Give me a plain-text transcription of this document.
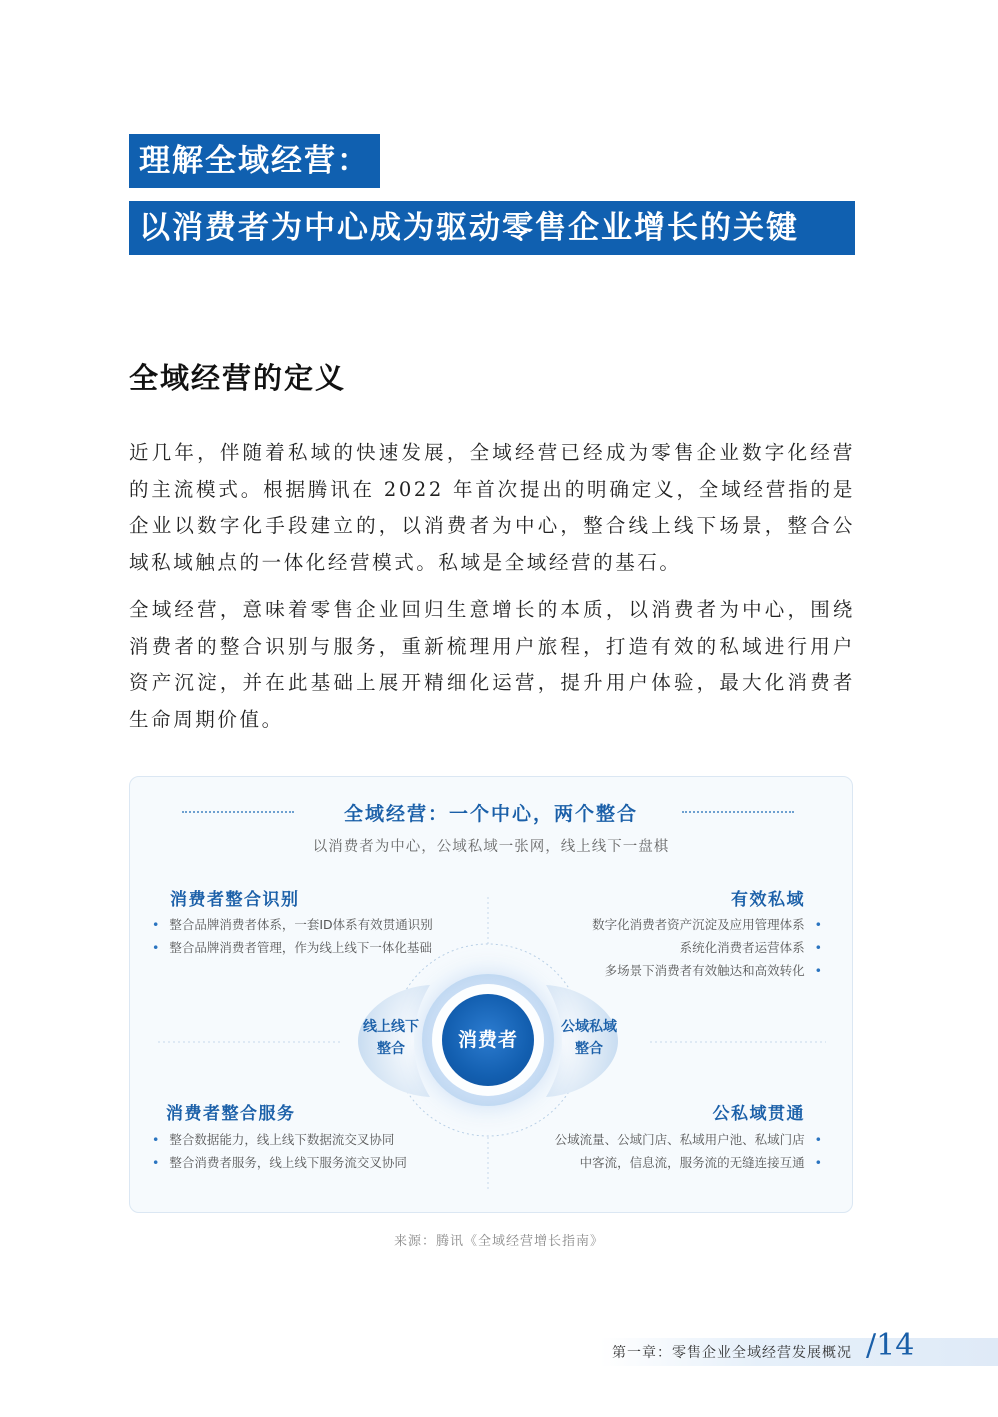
理解全域经营：
以消费者为中心成为驱动零售企业增长的关键
全域经营的定义

近几年，伴随着私域的快速发展，全域经营已经成为零售企业数字化经营的主流模式。根据腾讯在 2022 年首次提出的明确定义，全域经营指的是企业以数字化手段建立的，以消费者为中心，整合线上线下场景，整合公域私域触点的一体化经营模式。私域是全域经营的基石。

全域经营，意味着零售企业回归生意增长的本质，以消费者为中心，围绕消费者的整合识别与服务，重新梳理用户旅程，打造有效的私域进行用户资产沉淀，并在此基础上展开精细化运营，提升用户体验，最大化消费者生命周期价值。

全域经营：一个中心，两个整合
以消费者为中心，公域私域一张网，线上线下一盘棋
消费者
线上线下
整合
公域私域
整合
消费者整合识别
• 整合品牌消费者体系，一套ID体系有效贯通识别
• 整合品牌消费者管理，作为线上线下一体化基础
有效私域
数字化消费者资产沉淀及应用管理体系 •
系统化消费者运营体系 •
多场景下消费者有效触达和高效转化 •
消费者整合服务
• 整合数据能力，线上线下数据流交叉协同
• 整合消费者服务，线上线下服务流交叉协同
公私域贯通
公域流量、公域门店、私域用户池、私域门店 •
中客流，信息流，服务流的无缝连接互通 •
来源：腾讯《全域经营增长指南》
第一章：零售企业全域经营发展概况 /14
